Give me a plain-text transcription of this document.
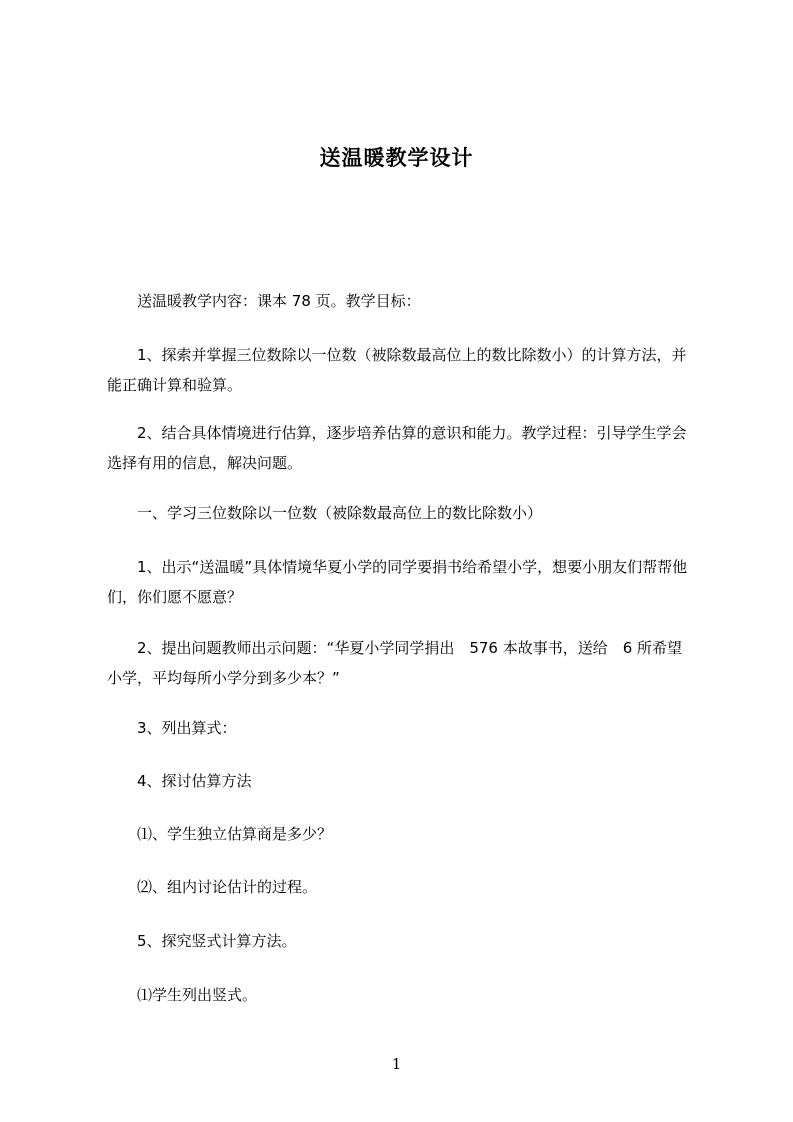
送温暖教学设计

送温暖教学内容：课本 78 页。教学目标：

1、探索并掌握三位数除以一位数（被除数最高位上的数比除数小）的计算方法，并能正确计算和验算。

2、结合具体情境进行估算，逐步培养估算的意识和能力。教学过程：引导学生学会选择有用的信息，解决问题。

一、学习三位数除以一位数（被除数最高位上的数比除数小）

1、出示“送温暖”具体情境华夏小学的同学要捐书给希望小学，想要小朋友们帮帮他们，你们愿不愿意？

2、提出问题教师出示问题：“华夏小学同学捐出　576 本故事书，送给　6 所希望小学，平均每所小学分到多少本？”

3、列出算式：

4、探讨估算方法

⑴、学生独立估算商是多少？

⑵、组内讨论估计的过程。

5、探究竖式计算方法。

⑴学生列出竖式。

1
